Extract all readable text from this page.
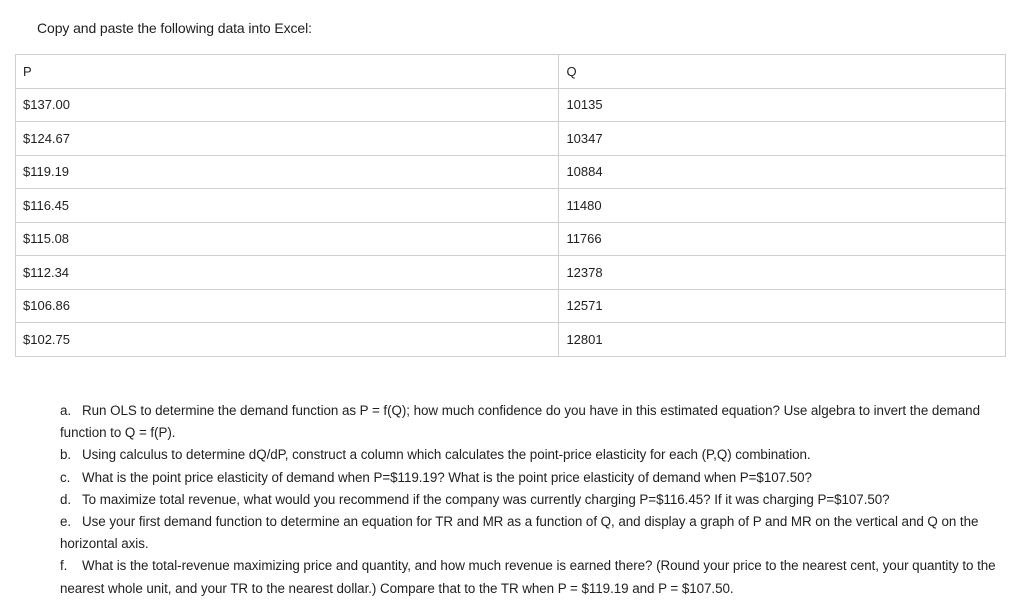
Copy and paste the following data into Excel:
P	Q
$137.00	10135
$124.67	10347
$119.19	10884
$116.45	11480
$115.08	11766
$112.34	12378
$106.86	12571
$102.75	12801
a. Run OLS to determine the demand function as P = f(Q); how much confidence do you have in this estimated equation? Use algebra to invert the demand function to Q = f(P).
b. Using calculus to determine dQ/dP, construct a column which calculates the point-price elasticity for each (P,Q) combination.
c. What is the point price elasticity of demand when P=$119.19? What is the point price elasticity of demand when P=$107.50?
d. To maximize total revenue, what would you recommend if the company was currently charging P=$116.45? If it was charging P=$107.50?
e. Use your first demand function to determine an equation for TR and MR as a function of Q, and display a graph of P and MR on the vertical and Q on the horizontal axis.
f. What is the total-revenue maximizing price and quantity, and how much revenue is earned there? (Round your price to the nearest cent, your quantity to the nearest whole unit, and your TR to the nearest dollar.) Compare that to the TR when P = $119.19 and P = $107.50.
